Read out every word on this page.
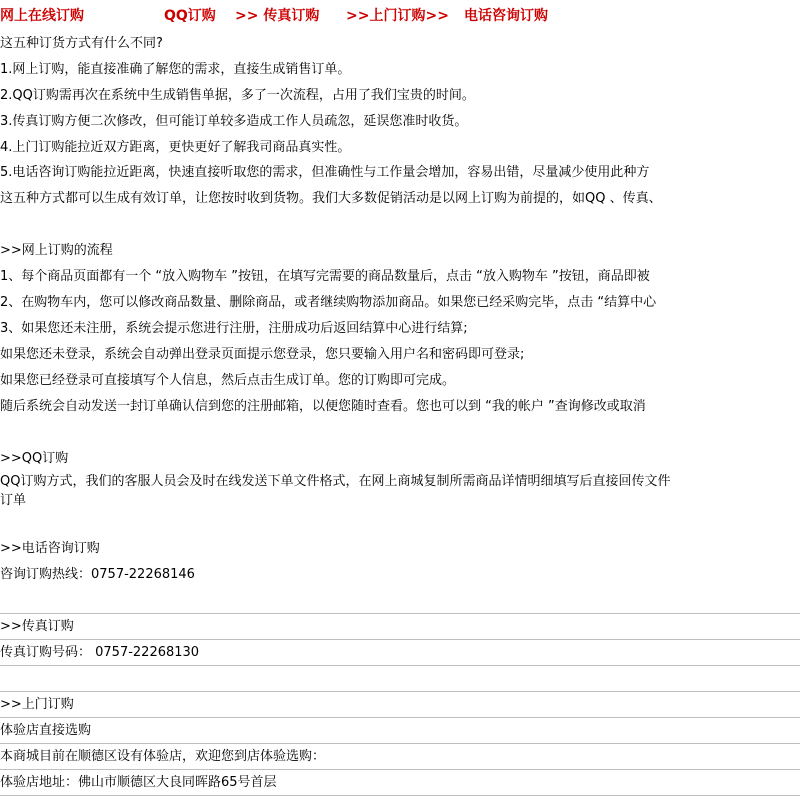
网上在线订购	QQ订购 >> 传真订购 >>上门订购>> 电话咨询订购
这五种订货方式有什么不同?
1.网上订购，能直接准确了解您的需求，直接生成销售订单。
2.QQ订购需再次在系统中生成销售单据，多了一次流程，占用了我们宝贵的时间。
3.传真订购方便二次修改，但可能订单较多造成工作人员疏忽，延误您准时收货。
4.上门订购能拉近双方距离，更快更好了解我司商品真实性。
5.电话咨询订购能拉近距离，快速直接听取您的需求，但准确性与工作量会增加，容易出错，尽量减少使用此种方
这五种方式都可以生成有效订单，让您按时收到货物。我们大多数促销活动是以网上订购为前提的，如QQ 、传真、
>>网上订购的流程
1、每个商品页面都有一个 “放入购物车 ”按钮，在填写完需要的商品数量后，点击 “放入购物车 ”按钮，商品即被
2、在购物车内，您可以修改商品数量、删除商品，或者继续购物添加商品。如果您已经采购完毕，点击 “结算中心
3、如果您还未注册，系统会提示您进行注册，注册成功后返回结算中心进行结算;
如果您还未登录，系统会自动弹出登录页面提示您登录，您只要输入用户名和密码即可登录;
如果您已经登录可直接填写个人信息，然后点击生成订单。您的订购即可完成。
随后系统会自动发送一封订单确认信到您的注册邮箱，以便您随时查看。您也可以到 “我的帐户 ”查询修改或取消
>>QQ订购
QQ订购方式，我们的客服人员会及时在线发送下单文件格式，在网上商城复制所需商品详情明细填写后直接回传文件
订单
>>电话咨询订购
咨询订购热线：0757-22268146
>>传真订购
传真订购号码： 0757-22268130
>>上门订购
体验店直接选购
本商城目前在顺德区设有体验店，欢迎您到店体验选购：
体验店地址：佛山市顺德区大良同晖路65号首层
